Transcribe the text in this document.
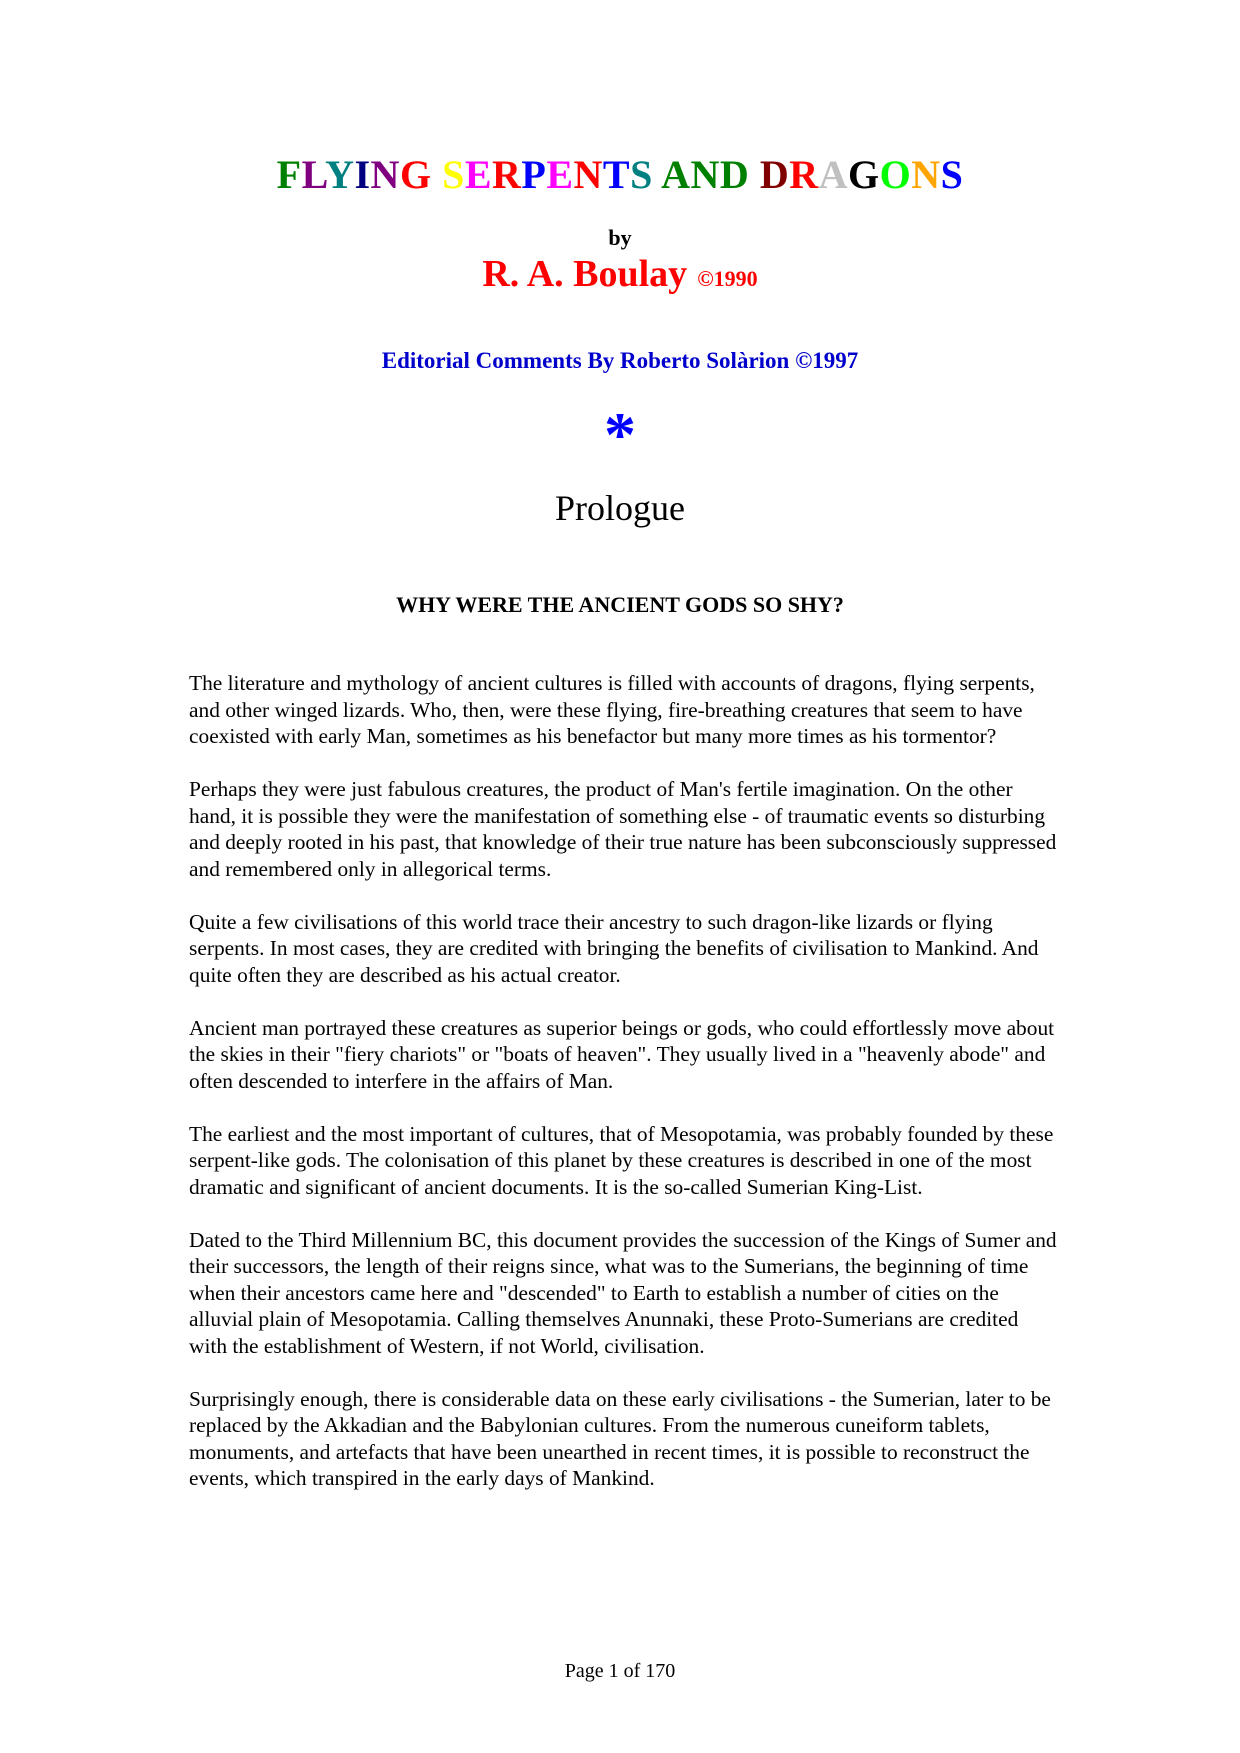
FLYING SERPENTS AND DRAGONS
by
R. A. Boulay ©1990
Editorial Comments By Roberto Solàrion ©1997
*
Prologue
WHY WERE THE ANCIENT GODS SO SHY?

The literature and mythology of ancient cultures is filled with accounts of dragons, flying serpents, and other winged lizards. Who, then, were these flying, fire-breathing creatures that seem to have coexisted with early Man, sometimes as his benefactor but many more times as his tormentor?

Perhaps they were just fabulous creatures, the product of Man's fertile imagination. On the other hand, it is possible they were the manifestation of something else - of traumatic events so disturbing and deeply rooted in his past, that knowledge of their true nature has been subconsciously suppressed and remembered only in allegorical terms.

Quite a few civilisations of this world trace their ancestry to such dragon-like lizards or flying serpents. In most cases, they are credited with bringing the benefits of civilisation to Mankind. And quite often they are described as his actual creator.

Ancient man portrayed these creatures as superior beings or gods, who could effortlessly move about the skies in their "fiery chariots" or "boats of heaven". They usually lived in a "heavenly abode" and often descended to interfere in the affairs of Man.

The earliest and the most important of cultures, that of Mesopotamia, was probably founded by these serpent-like gods. The colonisation of this planet by these creatures is described in one of the most dramatic and significant of ancient documents. It is the so-called Sumerian King-List.

Dated to the Third Millennium BC, this document provides the succession of the Kings of Sumer and their successors, the length of their reigns since, what was to the Sumerians, the beginning of time when their ancestors came here and "descended" to Earth to establish a number of cities on the alluvial plain of Mesopotamia. Calling themselves Anunnaki, these Proto-Sumerians are credited with the establishment of Western, if not World, civilisation.

Surprisingly enough, there is considerable data on these early civilisations - the Sumerian, later to be replaced by the Akkadian and the Babylonian cultures. From the numerous cuneiform tablets, monuments, and artefacts that have been unearthed in recent times, it is possible to reconstruct the events, which transpired in the early days of Mankind.

Page 1 of 170
